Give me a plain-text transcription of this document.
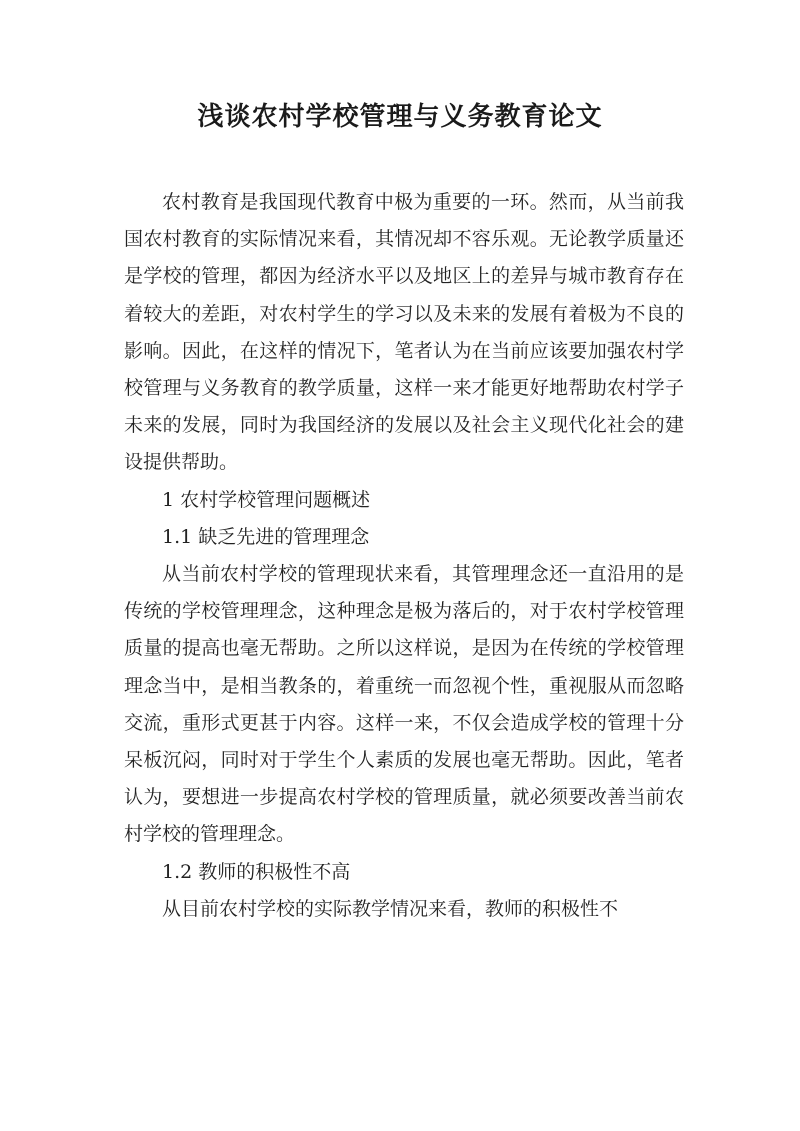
浅谈农村学校管理与义务教育论文

农村教育是我国现代教育中极为重要的一环。然而，从当前我国农村教育的实际情况来看，其情况却不容乐观。无论教学质量还是学校的管理，都因为经济水平以及地区上的差异与城市教育存在着较大的差距，对农村学生的学习以及未来的发展有着极为不良的影响。因此，在这样的情况下，笔者认为在当前应该要加强农村学校管理与义务教育的教学质量，这样一来才能更好地帮助农村学子未来的发展，同时为我国经济的发展以及社会主义现代化社会的建设提供帮助。

1 农村学校管理问题概述

1.1 缺乏先进的管理理念

从当前农村学校的管理现状来看，其管理理念还一直沿用的是传统的学校管理理念，这种理念是极为落后的，对于农村学校管理质量的提高也毫无帮助。之所以这样说，是因为在传统的学校管理理念当中，是相当教条的，着重统一而忽视个性，重视服从而忽略交流，重形式更甚于内容。这样一来，不仅会造成学校的管理十分呆板沉闷，同时对于学生个人素质的发展也毫无帮助。因此，笔者认为，要想进一步提高农村学校的管理质量，就必须要改善当前农村学校的管理理念。

1.2 教师的积极性不高

从目前农村学校的实际教学情况来看，教师的积极性不
